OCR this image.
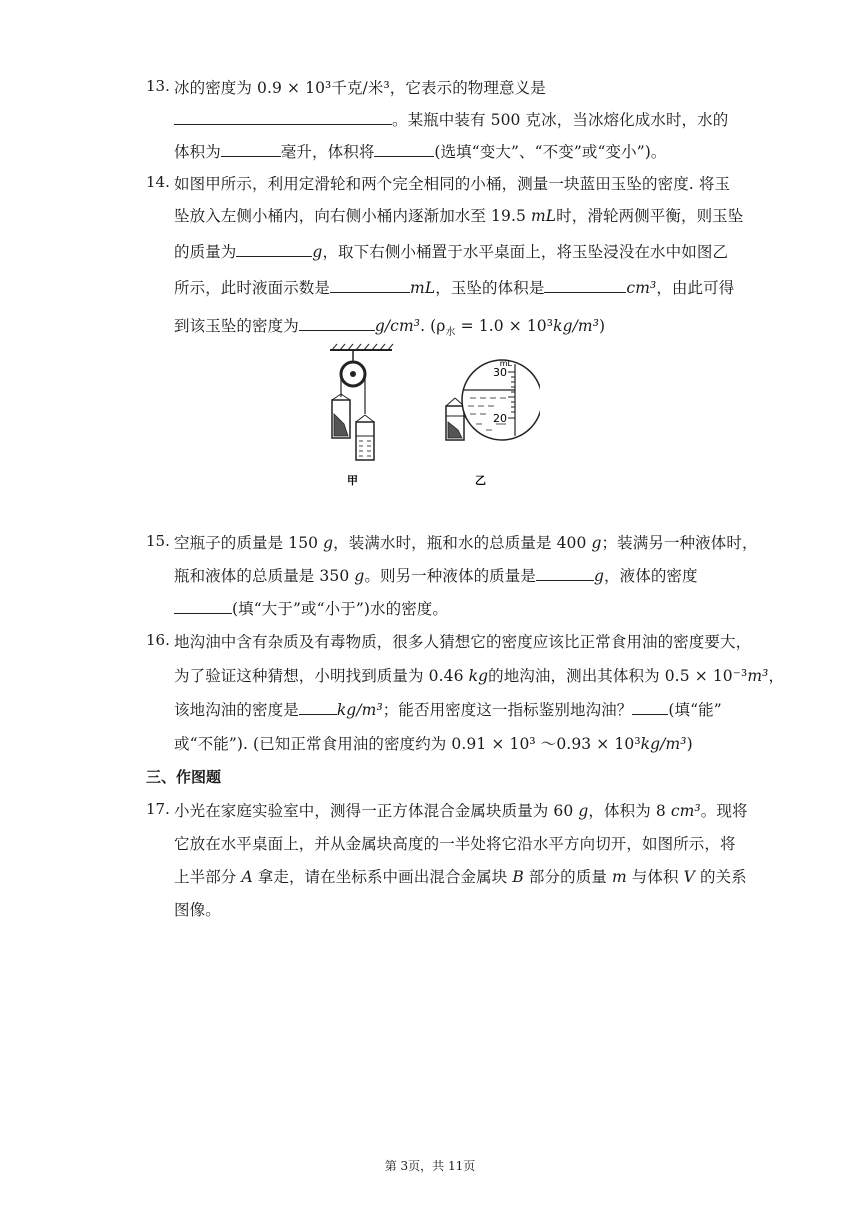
13. 冰的密度为 0.9 × 10³千克/米³，它表示的物理意义是
。某瓶中装有 500 克冰，当冰熔化成水时，水的
体积为	毫升，体积将	(选填“变大”、“不变”或“变小”)。
14. 如图甲所示，利用定滑轮和两个完全相同的小桶，测量一块蓝田玉坠的密度. 将玉
坠放入左侧小桶内，向右侧小桶内逐渐加水至 19.5 mL时，滑轮两侧平衡，则玉坠
的质量为	g，取下右侧小桶置于水平桌面上，将玉坠浸没在水中如图乙
所示，此时液面示数是	mL，玉坠的体积是	cm³，由此可得
到该玉坠的密度为	g/cm³. $(\rho_水 = 1.0 \times 10^3kg/m^3)$
甲
mL
30
20
乙
15. 空瓶子的质量是 150 g，装满水时，瓶和水的总质量是 400 g；装满另一种液体时，
瓶和液体的总质量是 350 g。则另一种液体的质量是	g，液体的密度
(填“大于”或“小于”)水的密度。
16. 地沟油中含有杂质及有毒物质，很多人猜想它的密度应该比正常食用油的密度要大，
为了验证这种猜想，小明找到质量为 0.46 kg的地沟油，测出其体积为 0.5 × 10⁻³m³，
该地沟油的密度是 kg/m³；能否用密度这一指标鉴别地沟油？ (填“能”
或“不能”). (已知正常食用油的密度约为 0.91 × 10³ ～0.93 × 10³kg/m³)
三、作图题
17. 小光在家庭实验室中，测得一正方体混合金属块质量为 60 g，体积为 8 cm³。现将
它放在水平桌面上，并从金属块高度的一半处将它沿水平方向切开，如图所示，将
上半部分 A 拿走，请在坐标系中画出混合金属块 B 部分的质量 m 与体积 V 的关系
图像。
第 3页，共 11页
